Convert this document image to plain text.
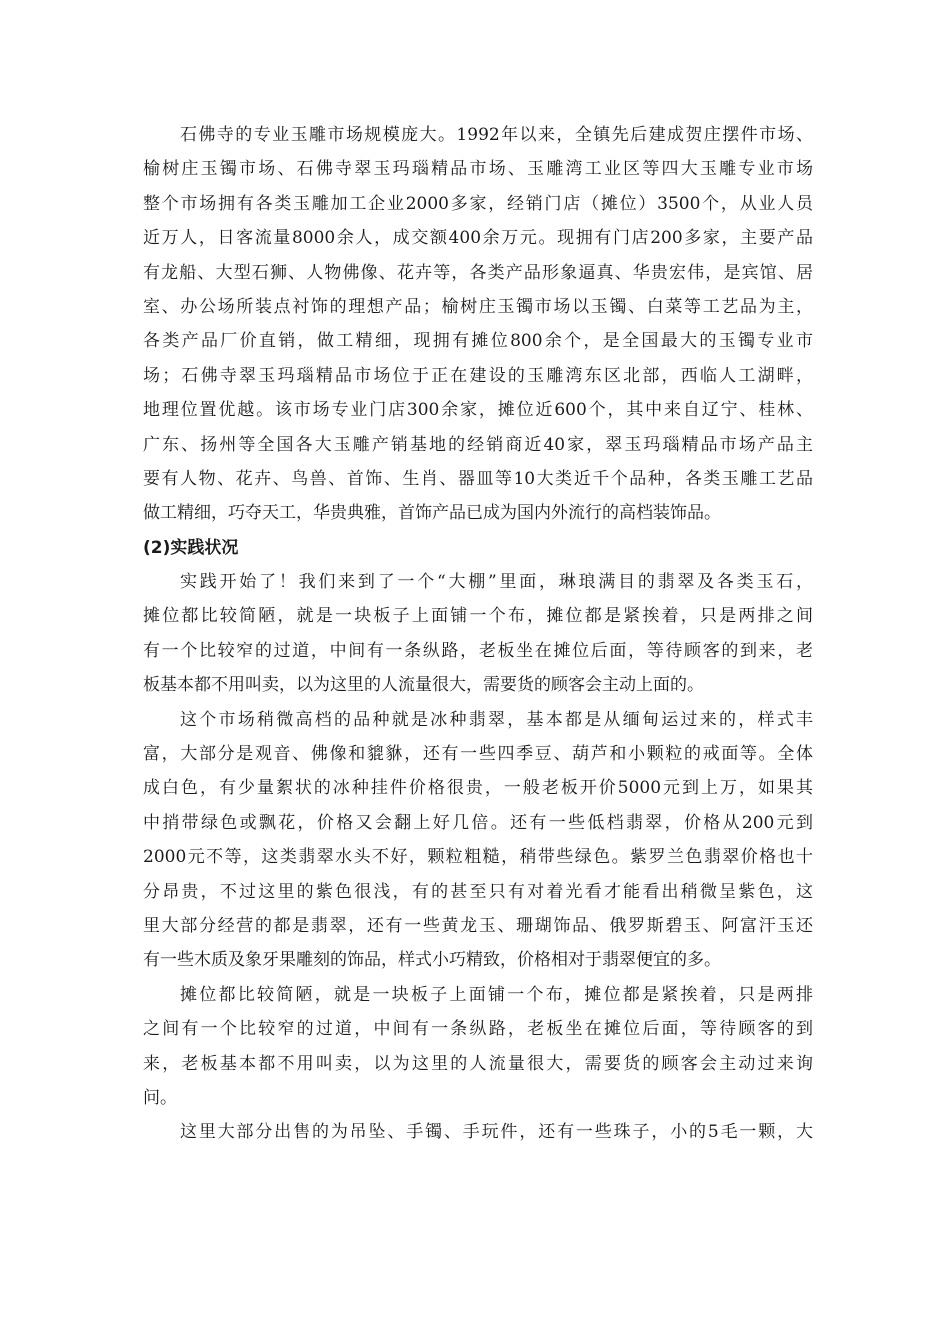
石佛寺的专业玉雕市场规模庞大。1992年以来，全镇先后建成贺庄摆件市场、
榆树庄玉镯市场、石佛寺翠玉玛瑙精品市场、玉雕湾工业区等四大玉雕专业市场
整个市场拥有各类玉雕加工企业2000多家，经销门店（摊位）3500个，从业人员
近万人，日客流量8000余人，成交额400余万元。现拥有门店200多家，主要产品
有龙船、大型石狮、人物佛像、花卉等，各类产品形象逼真、华贵宏伟，是宾馆、居
室、办公场所装点衬饰的理想产品；榆树庄玉镯市场以玉镯、白菜等工艺品为主，
各类产品厂价直销，做工精细，现拥有摊位800余个，是全国最大的玉镯专业市
场；石佛寺翠玉玛瑙精品市场位于正在建设的玉雕湾东区北部，西临人工湖畔，
地理位置优越。该市场专业门店300余家，摊位近600个，其中来自辽宁、桂林、
广东、扬州等全国各大玉雕产销基地的经销商近40家，翠玉玛瑙精品市场产品主
要有人物、花卉、鸟兽、首饰、生肖、器皿等10大类近千个品种，各类玉雕工艺品
做工精细，巧夺天工，华贵典雅，首饰产品已成为国内外流行的高档装饰品。
(2)实践状况
实践开始了！我们来到了一个“大棚”里面，琳琅满目的翡翠及各类玉石，
摊位都比较简陋，就是一块板子上面铺一个布，摊位都是紧挨着，只是两排之间
有一个比较窄的过道，中间有一条纵路，老板坐在摊位后面，等待顾客的到来，老
板基本都不用叫卖，以为这里的人流量很大，需要货的顾客会主动上面的。
这个市场稍微高档的品种就是冰种翡翠，基本都是从缅甸运过来的，样式丰
富，大部分是观音、佛像和貔貅，还有一些四季豆、葫芦和小颗粒的戒面等。全体
成白色，有少量絮状的冰种挂件价格很贵，一般老板开价5000元到上万，如果其
中捎带绿色或飘花，价格又会翻上好几倍。还有一些低档翡翠，价格从200元到
2000元不等，这类翡翠水头不好，颗粒粗糙，稍带些绿色。紫罗兰色翡翠价格也十
分昂贵，不过这里的紫色很浅，有的甚至只有对着光看才能看出稍微呈紫色，这
里大部分经营的都是翡翠，还有一些黄龙玉、珊瑚饰品、俄罗斯碧玉、阿富汗玉还
有一些木质及象牙果雕刻的饰品，样式小巧精致，价格相对于翡翠便宜的多。
摊位都比较简陋，就是一块板子上面铺一个布，摊位都是紧挨着，只是两排
之间有一个比较窄的过道，中间有一条纵路，老板坐在摊位后面，等待顾客的到
来，老板基本都不用叫卖，以为这里的人流量很大，需要货的顾客会主动过来询
问。
这里大部分出售的为吊坠、手镯、手玩件，还有一些珠子，小的5毛一颗，大
